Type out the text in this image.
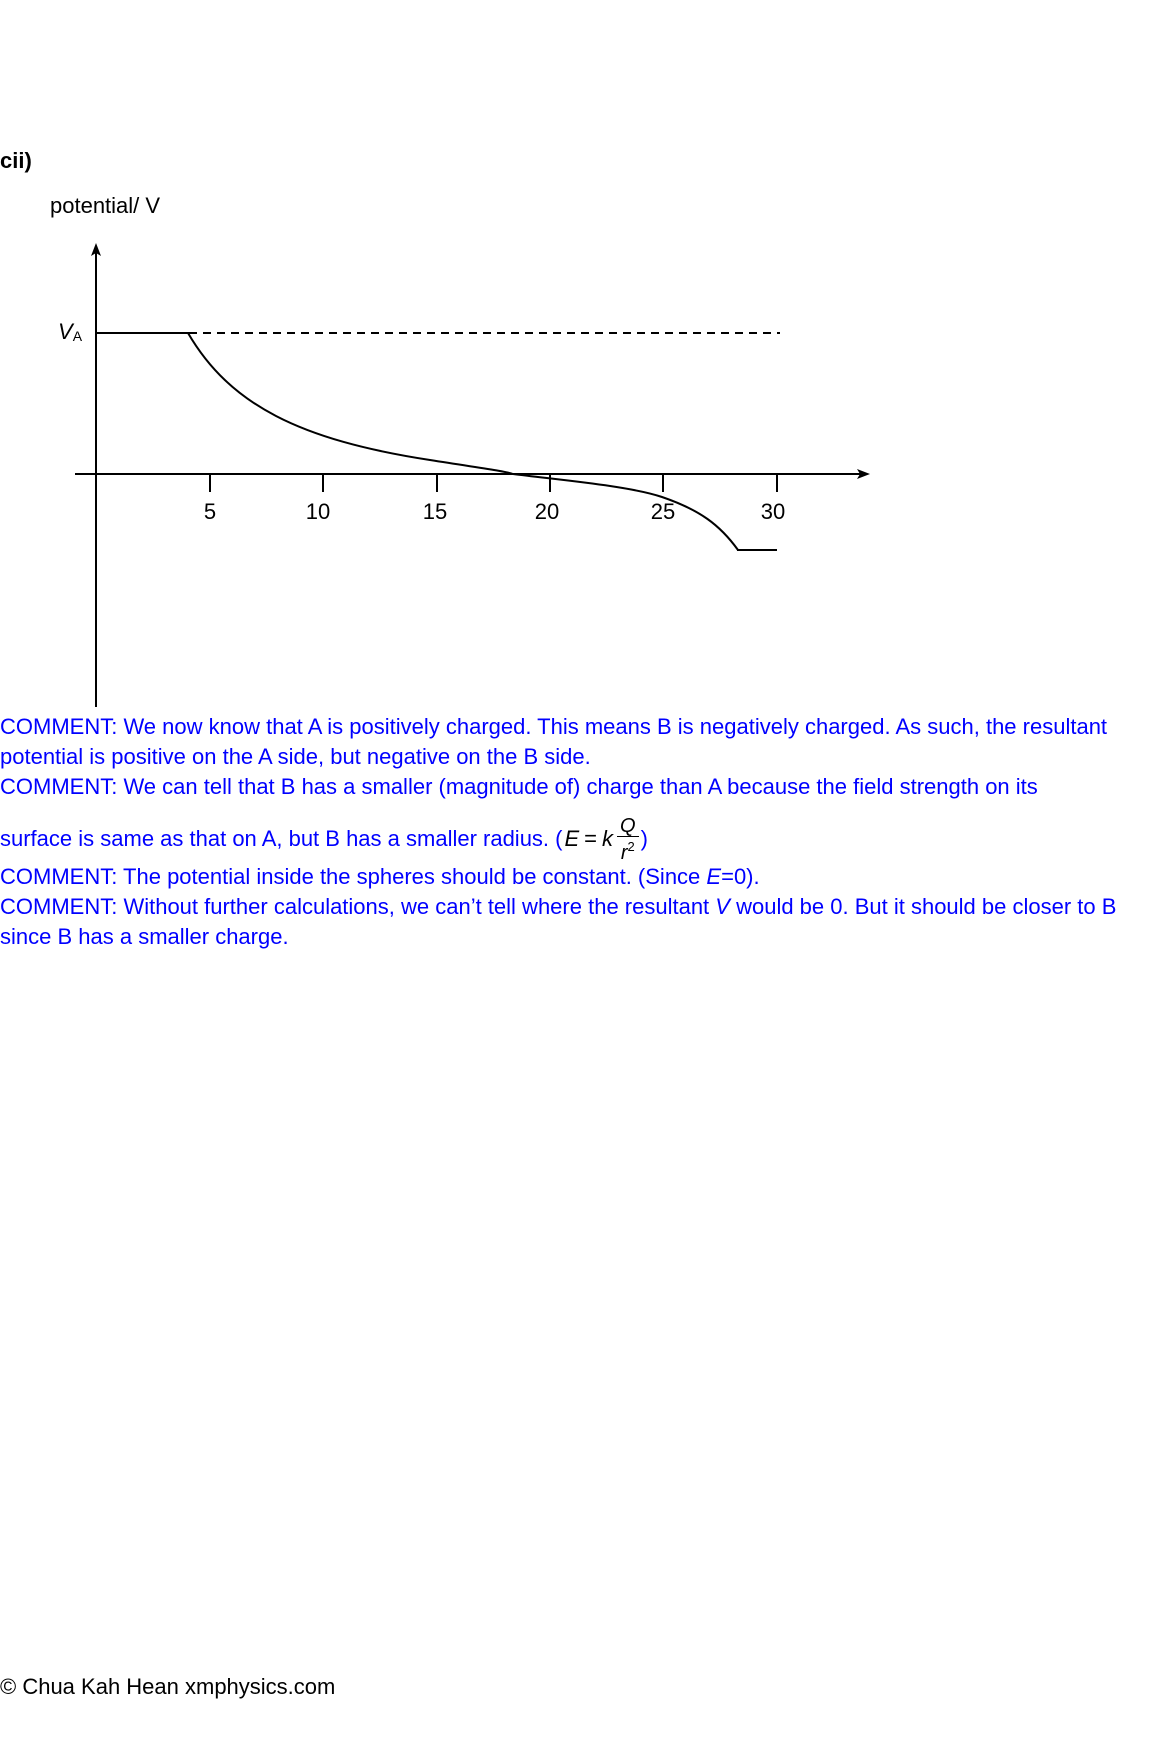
cii)
potential/ V
5	10	15	20	25	30
VA

COMMENT: We now know that A is positively charged. This means B is negatively charged. As such, the resultant

potential is positive on the A side, but negative on the B side.

COMMENT: We can tell that B has a smaller (magnitude of) charge than A because the field strength on its

surface is same as that on A, but B has a smaller radius. ( E = k $\frac{Q}{r^2}$ )

COMMENT: The potential inside the spheres should be constant. (Since E=0).

COMMENT: Without further calculations, we can’t tell where the resultant V would be 0. But it should be closer to B

since B has a smaller charge.

© Chua Kah Hean xmphysics.com
